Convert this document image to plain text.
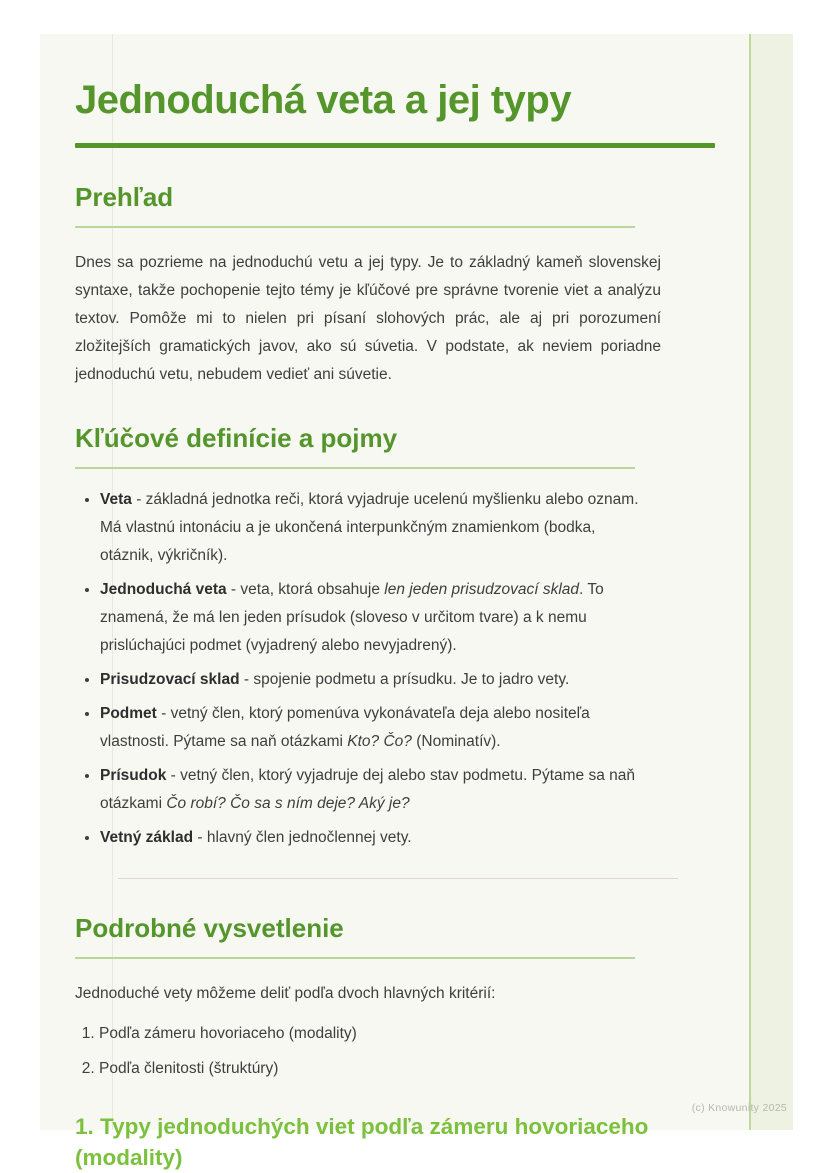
Jednoduchá veta a jej typy
Prehľad

Dnes sa pozrieme na jednoduchú vetu a jej typy. Je to základný kameň slovenskej syntaxe, takže pochopenie tejto témy je kľúčové pre správne tvorenie viet a analýzu textov. Pomôže mi to nielen pri písaní slohových prác, ale aj pri porozumení zložitejších gramatických javov, ako sú súvetia. V podstate, ak neviem poriadne jednoduchú vetu, nebudem vedieť ani súvetie.

Kľúčové definície a pojmy
• Veta - základná jednotka reči, ktorá vyjadruje ucelenú myšlienku alebo oznam. Má vlastnú intonáciu a je ukončená interpunkčným znamienkom (bodka, otáznik, výkričník).
• Jednoduchá veta - veta, ktorá obsahuje len jeden prisudzovací sklad. To znamená, že má len jeden prísudok (sloveso v určitom tvare) a k nemu prislúchajúci podmet (vyjadrený alebo nevyjadrený).
• Prisudzovací sklad - spojenie podmetu a prísudku. Je to jadro vety.
• Podmet - vetný člen, ktorý pomenúva vykonávateľa deja alebo nositeľa vlastnosti. Pýtame sa naň otázkami Kto? Čo? (Nominatív).
• Prísudok - vetný člen, ktorý vyjadruje dej alebo stav podmetu. Pýtame sa naň otázkami Čo robí? Čo sa s ním deje? Aký je?
• Vetný základ - hlavný člen jednočlennej vety.
Podrobné vysvetlenie

Jednoduché vety môžeme deliť podľa dvoch hlavných kritérií:

1. Podľa zámeru hovoriaceho (modality)
2. Podľa členitosti (štruktúry)
1. Typy jednoduchých viet podľa zámeru hovoriaceho (modality)
(c) Knowunity 2025
